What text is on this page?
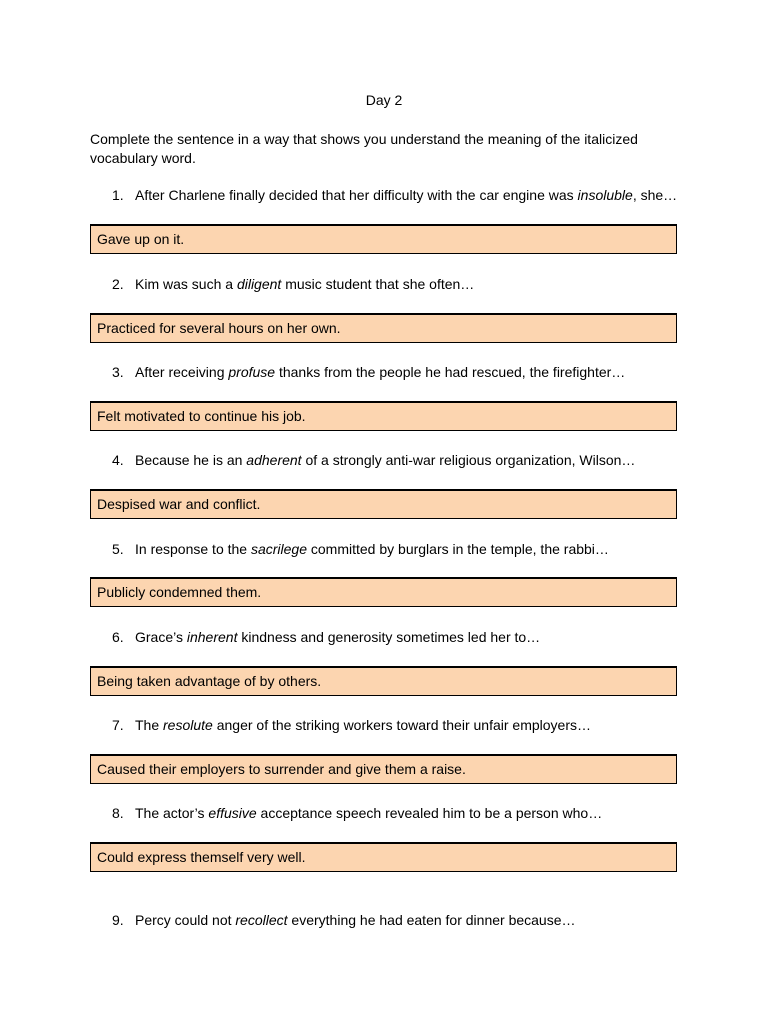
Day 2
Complete the sentence in a way that shows you understand the meaning of the italicized vocabulary word.
1. After Charlene finally decided that her difficulty with the car engine was insoluble, she…
Gave up on it.
2. Kim was such a diligent music student that she often…
Practiced for several hours on her own.
3. After receiving profuse thanks from the people he had rescued, the firefighter…
Felt motivated to continue his job.
4. Because he is an adherent of a strongly anti-war religious organization, Wilson…
Despised war and conflict.
5. In response to the sacrilege committed by burglars in the temple, the rabbi…
Publicly condemned them.
6. Grace’s inherent kindness and generosity sometimes led her to…
Being taken advantage of by others.
7. The resolute anger of the striking workers toward their unfair employers…
Caused their employers to surrender and give them a raise.
8. The actor’s effusive acceptance speech revealed him to be a person who…
Could express themself very well.
9. Percy could not recollect everything he had eaten for dinner because…
